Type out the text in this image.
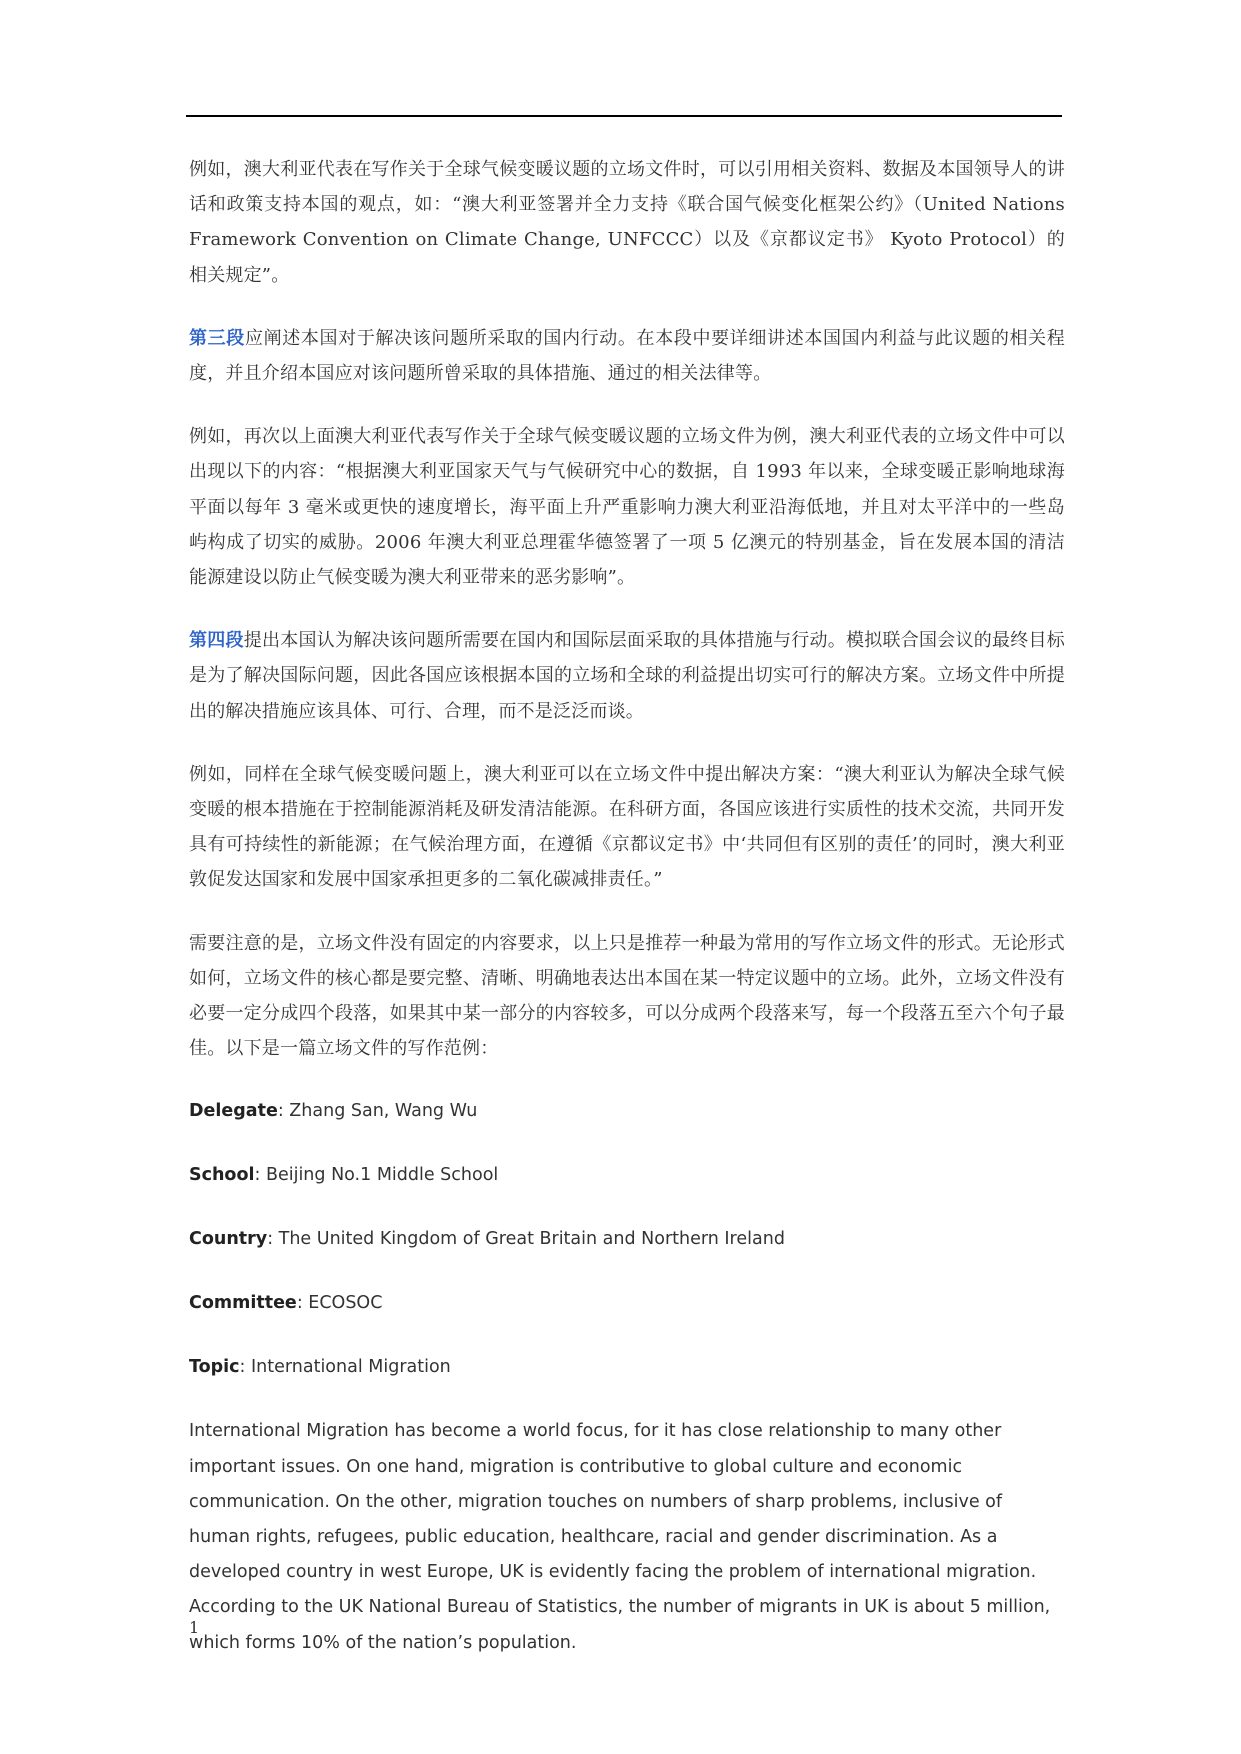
例如，澳大利亚代表在写作关于全球气候变暖议题的立场文件时，可以引用相关资料、数据及本国领导人的讲话和政策支持本国的观点，如：“澳大利亚签署并全力支持《联合国气候变化框架公约》（United Nations Framework Convention on Climate Change, UNFCCC）以及《京都议定书》 Kyoto Protocol）的相关规定”。

第三段应阐述本国对于解决该问题所采取的国内行动。在本段中要详细讲述本国国内利益与此议题的相关程度，并且介绍本国应对该问题所曾采取的具体措施、通过的相关法律等。

例如，再次以上面澳大利亚代表写作关于全球气候变暖议题的立场文件为例，澳大利亚代表的立场文件中可以出现以下的内容：“根据澳大利亚国家天气与气候研究中心的数据，自 1993 年以来，全球变暖正影响地球海平面以每年 3 毫米或更快的速度增长，海平面上升严重影响力澳大利亚沿海低地，并且对太平洋中的一些岛屿构成了切实的威胁。2006 年澳大利亚总理霍华德签署了一项 5 亿澳元的特别基金，旨在发展本国的清洁能源建设以防止气候变暖为澳大利亚带来的恶劣影响”。

第四段提出本国认为解决该问题所需要在国内和国际层面采取的具体措施与行动。模拟联合国会议的最终目标是为了解决国际问题，因此各国应该根据本国的立场和全球的利益提出切实可行的解决方案。立场文件中所提出的解决措施应该具体、可行、合理，而不是泛泛而谈。

例如，同样在全球气候变暖问题上，澳大利亚可以在立场文件中提出解决方案：“澳大利亚认为解决全球气候变暖的根本措施在于控制能源消耗及研发清洁能源。在科研方面，各国应该进行实质性的技术交流，共同开发具有可持续性的新能源；在气候治理方面，在遵循《京都议定书》中‘共同但有区别的责任’的同时，澳大利亚敦促发达国家和发展中国家承担更多的二氧化碳减排责任。”

需要注意的是，立场文件没有固定的内容要求，以上只是推荐一种最为常用的写作立场文件的形式。无论形式如何，立场文件的核心都是要完整、清晰、明确地表达出本国在某一特定议题中的立场。此外，立场文件没有必要一定分成四个段落，如果其中某一部分的内容较多，可以分成两个段落来写，每一个段落五至六个句子最佳。以下是一篇立场文件的写作范例：

Delegate: Zhang San, Wang Wu
School: Beijing No.1 Middle School
Country: The United Kingdom of Great Britain and Northern Ireland
Committee: ECOSOC
Topic: International Migration

International Migration has become a world focus, for it has close relationship to many other important issues. On one hand, migration is contributive to global culture and economic communication. On the other, migration touches on numbers of sharp problems, inclusive of human rights, refugees, public education, healthcare, racial and gender discrimination. As a developed country in west Europe, UK is evidently facing the problem of international migration. According to the UK National Bureau of Statistics, the number of migrants in UK is about 5 million, which forms 10% of the nation’s population.

1
